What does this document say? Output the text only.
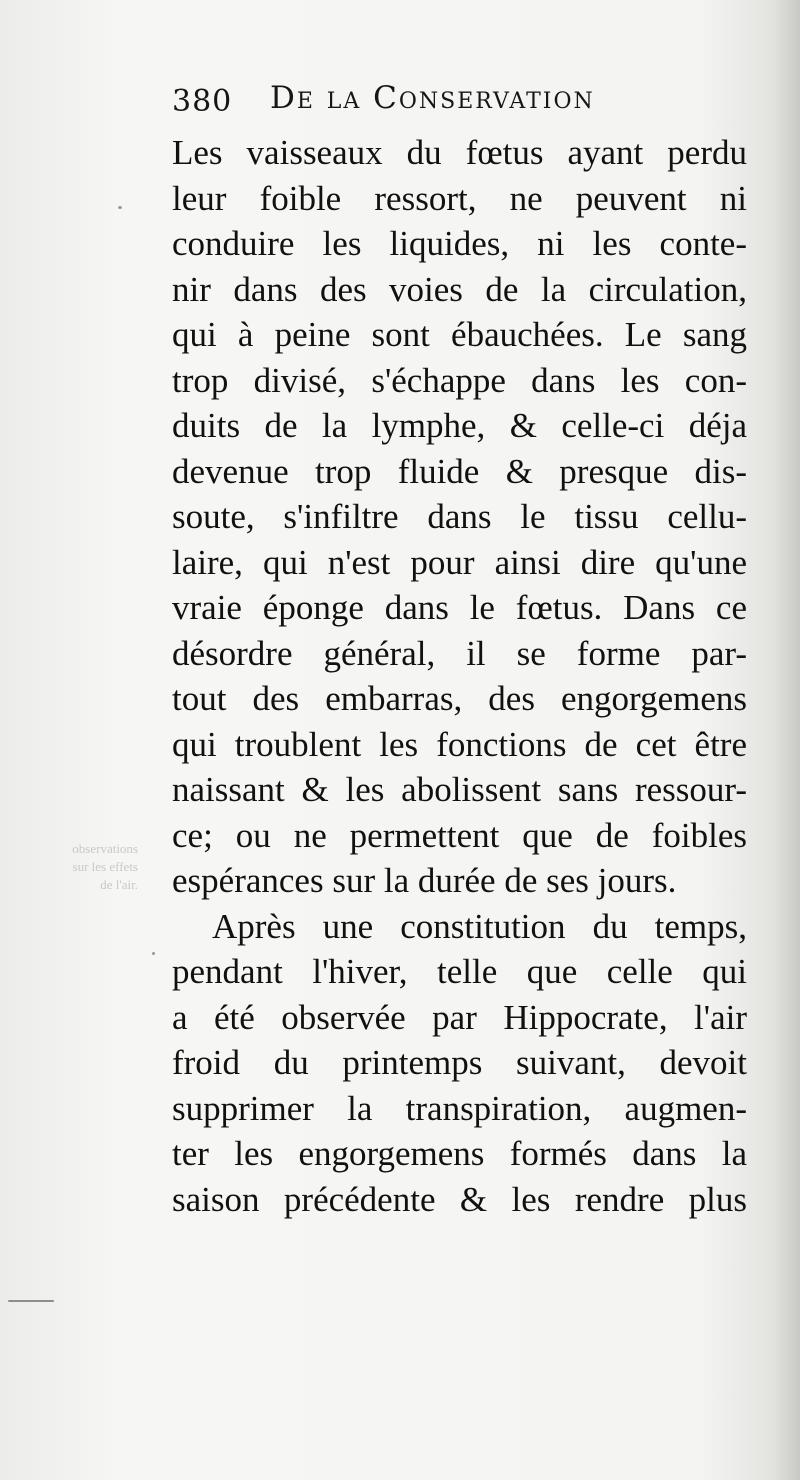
380 De la Conservation
observations
sur les effets
de l'air.
Les vaisseaux du fœtus ayant perdu
leur foible ressort, ne peuvent ni
conduire les liquides, ni les conte-
nir dans des voies de la circulation,
qui à peine sont ébauchées. Le sang
trop divisé, s'échappe dans les con-
duits de la lymphe, & celle-ci déja
devenue trop fluide & presque dis-
soute, s'infiltre dans le tissu cellu-
laire, qui n'est pour ainsi dire qu'une
vraie éponge dans le fœtus. Dans ce
désordre général, il se forme par-
tout des embarras, des engorgemens
qui troublent les fonctions de cet être
naissant & les abolissent sans ressour-
ce; ou ne permettent que de foibles
espérances sur la durée de ses jours.
Après une constitution du temps,
pendant l'hiver, telle que celle qui
a été observée par Hippocrate, l'air
froid du printemps suivant, devoit
supprimer la transpiration, augmen-
ter les engorgemens formés dans la
saison précédente & les rendre plus
